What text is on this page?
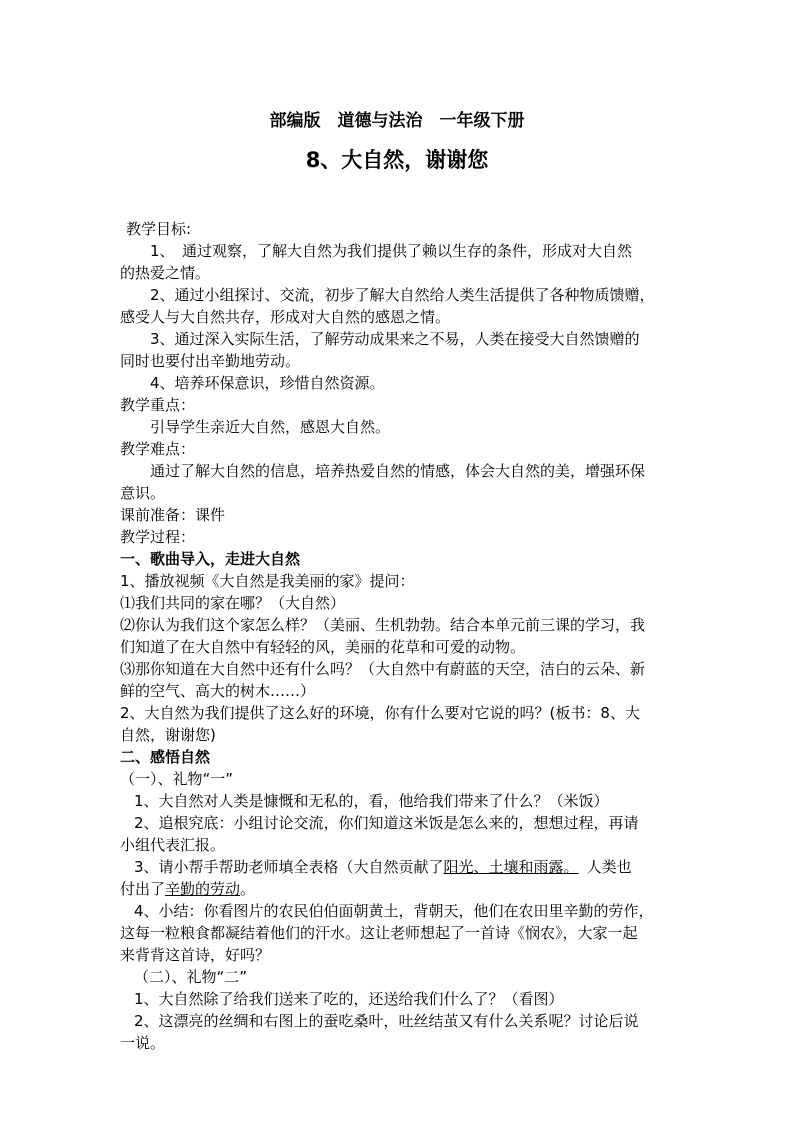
部编版　道德与法治　一年级下册
8、大自然，谢谢您
教学目标:
1、　通过观察，了解大自然为我们提供了赖以生存的条件，形成对大自然
的热爱之情。
2、通过小组探讨、交流，初步了解大自然给人类生活提供了各种物质馈赠，
感受人与大自然共存，形成对大自然的感恩之情。
3、通过深入实际生活，了解劳动成果来之不易，人类在接受大自然馈赠的
同时也要付出辛勤地劳动。
4、培养环保意识，珍惜自然资源。
教学重点：
引导学生亲近大自然，感恩大自然。
教学难点：
通过了解大自然的信息，培养热爱自然的情感，体会大自然的美，增强环保
意识。
课前准备：课件
教学过程：
一、歌曲导入，走进大自然
1、播放视频《大自然是我美丽的家》提问：
⑴我们共同的家在哪？（大自然）
⑵你认为我们这个家怎么样？（美丽、生机勃勃。结合本单元前三课的学习，我
们知道了在大自然中有轻轻的风，美丽的花草和可爱的动物。
⑶那你知道在大自然中还有什么吗？（大自然中有蔚蓝的天空，洁白的云朵、新
鲜的空气、高大的树木……）
2、大自然为我们提供了这么好的环境，你有什么要对它说的吗？(板书：8、大
自然，谢谢您)
二、感悟自然
（一）、礼物“一”
1、大自然对人类是慷慨和无私的，看，他给我们带来了什么？（米饭）
2、追根究底：小组讨论交流，你们知道这米饭是怎么来的，想想过程，再请
小组代表汇报。
3、请小帮手帮助老师填全表格（大自然贡献了阳光、土壤和雨露。 人类也
付出了辛勤的劳动。
4、小结：你看图片的农民伯伯面朝黄土，背朝天，他们在农田里辛勤的劳作，
这每一粒粮食都凝结着他们的汗水。这让老师想起了一首诗《悯农》，大家一起
来背背这首诗，好吗？
（二）、礼物“二”
1、大自然除了给我们送来了吃的，还送给我们什么了？（看图）
2、这漂亮的丝绸和右图上的蚕吃桑叶，吐丝结茧又有什么关系呢？讨论后说
一说。
